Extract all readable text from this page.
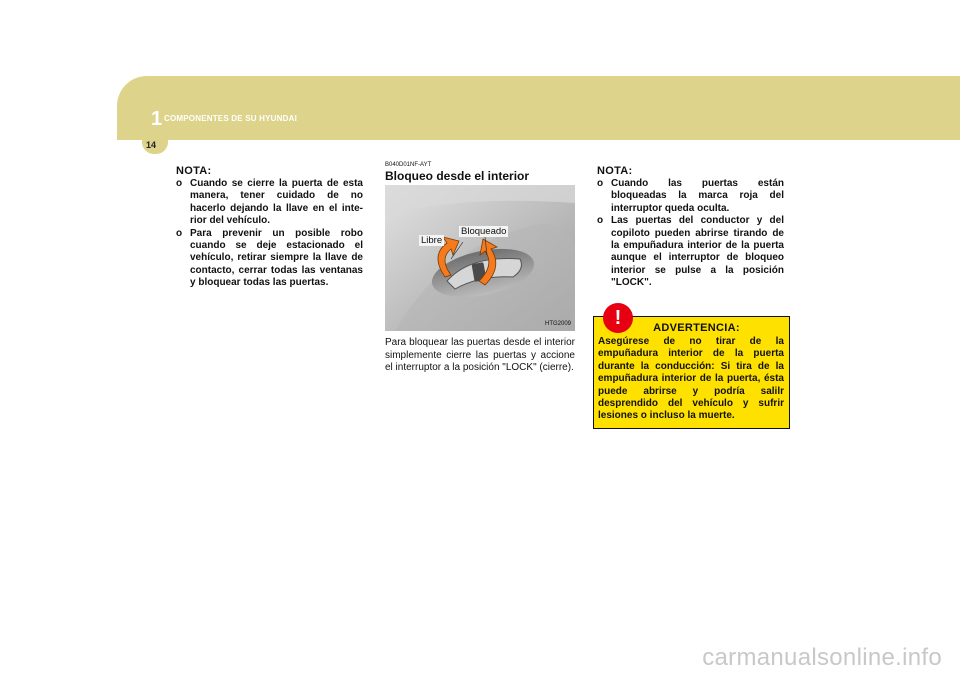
1 COMPONENTES DE SU HYUNDAI
14
NOTA:
o Cuando se cierre la puerta de esta manera, tener cuidado de no hacerlo dejando la llave en el inte-rior del vehículo.
o Para prevenir un posible robo cuando se deje estacionado el vehículo, retirar siempre la llave de contacto, cerrar todas las ventanas y bloquear todas las puertas.
B040D01NF-AYT
Bloqueo desde el interior
Libre
Bloqueado
HTG2009
Para bloquear las puertas desde el interior simplemente cierre las puertas y accione el interruptor a la posición "LOCK" (cierre).
NOTA:
o Cuando las puertas están bloqueadas la marca roja del interruptor queda oculta.
o Las puertas del conductor y del copiloto pueden abrirse tirando de la empuñadura interior de la puerta aunque el interruptor de bloqueo interior se pulse a la posición "LOCK".
ADVERTENCIA:
Asegúrese de no tirar de la empuñadura interior de la puerta durante la conducción: Si tira de la empuñadura interior de la puerta, ésta puede abrirse y podría salilr desprendido del vehículo y sufrir lesiones o incluso la muerte.
!
carmanualsonline.info
